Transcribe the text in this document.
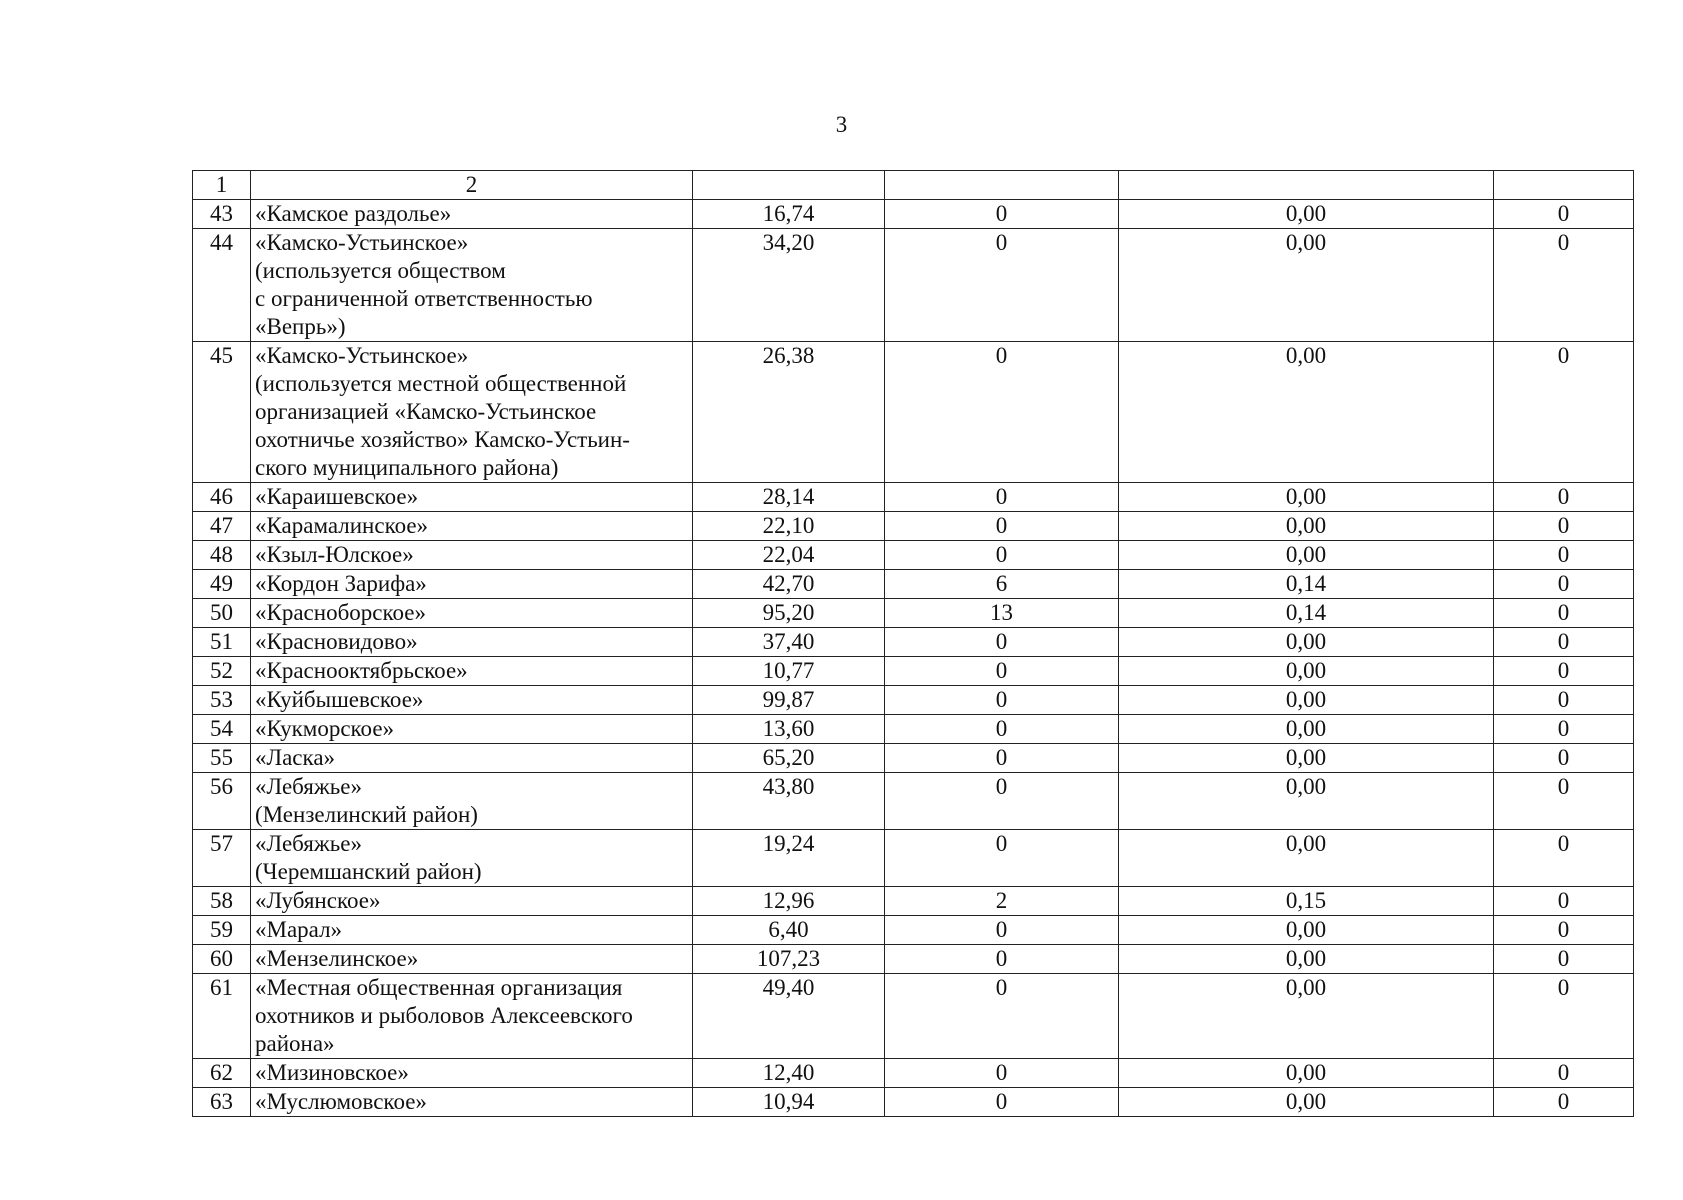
3
1	2				
43	«Камское раздолье»	16,74	0	0,00	0
44	«Камско-Устьинское»
(используется обществом
с ограниченной ответственностью
«Вепрь»)	34,20	0	0,00	0
45	«Камско-Устьинское»
(используется местной общественной
организацией «Камско-Устьинское
охотничье хозяйство» Камско-Устьин-
ского муниципального района)	26,38	0	0,00	0
46	«Караишевское»	28,14	0	0,00	0
47	«Карамалинское»	22,10	0	0,00	0
48	«Кзыл-Юлское»	22,04	0	0,00	0
49	«Кордон Зарифа»	42,70	6	0,14	0
50	«Красноборское»	95,20	13	0,14	0
51	«Красновидово»	37,40	0	0,00	0
52	«Краснооктябрьское»	10,77	0	0,00	0
53	«Куйбышевское»	99,87	0	0,00	0
54	«Кукморское»	13,60	0	0,00	0
55	«Ласка»	65,20	0	0,00	0
56	«Лебяжье»
(Мензелинский район)	43,80	0	0,00	0
57	«Лебяжье»
(Черемшанский район)	19,24	0	0,00	0
58	«Лубянское»	12,96	2	0,15	0
59	«Марал»	6,40	0	0,00	0
60	«Мензелинское»	107,23	0	0,00	0
61	«Местная общественная организация
охотников и рыболовов Алексеевского
района»	49,40	0	0,00	0
62	«Мизиновское»	12,40	0	0,00	0
63	«Муслюмовское»	10,94	0	0,00	0
